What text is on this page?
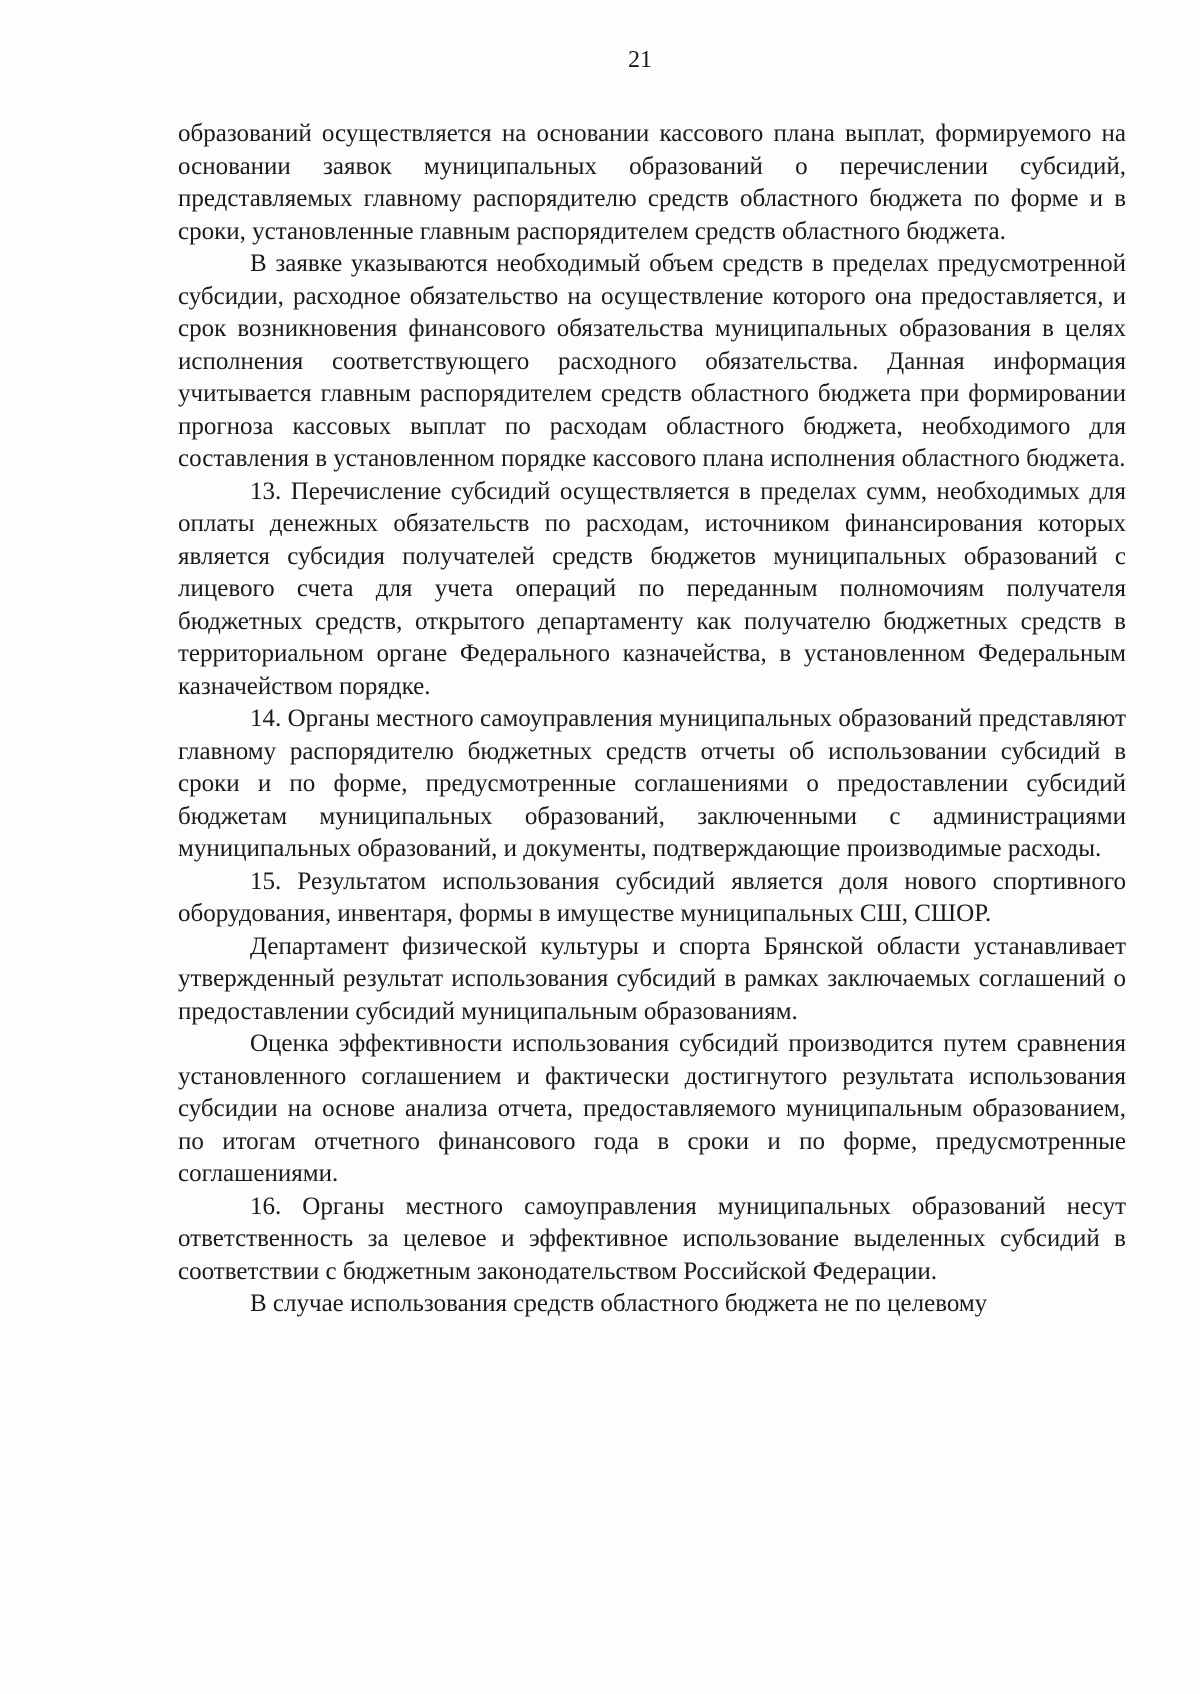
21

образований осуществляется на основании кассового плана выплат, формируемого на основании заявок муниципальных образований о перечислении субсидий, представляемых главному распорядителю средств областного бюджета по форме и в сроки, установленные главным распорядителем средств областного бюджета.

В заявке указываются необходимый объем средств в пределах предусмотренной субсидии, расходное обязательство на осуществление которого она предоставляется, и срок возникновения финансового обязательства муниципальных образования в целях исполнения соответствующего расходного обязательства. Данная информация учитывается главным распорядителем средств областного бюджета при формировании прогноза кассовых выплат по расходам областного бюджета, необходимого для составления в установленном порядке кассового плана исполнения областного бюджета.

13. Перечисление субсидий осуществляется в пределах сумм, необходимых для оплаты денежных обязательств по расходам, источником финансирования которых является субсидия получателей средств бюджетов муниципальных образований с лицевого счета для учета операций по переданным полномочиям получателя бюджетных средств, открытого департаменту как получателю бюджетных средств в территориальном органе Федерального казначейства, в установленном Федеральным казначейством порядке.

14. Органы местного самоуправления муниципальных образований представляют главному распорядителю бюджетных средств отчеты об использовании субсидий в сроки и по форме, предусмотренные соглашениями о предоставлении субсидий бюджетам муниципальных образований, заключенными с администрациями муниципальных образований, и документы, подтверждающие производимые расходы.

15. Результатом использования субсидий является доля нового спортивного оборудования, инвентаря, формы в имуществе муниципальных СШ, СШОР.

Департамент физической культуры и спорта Брянской области устанавливает утвержденный результат использования субсидий в рамках заключаемых соглашений о предоставлении субсидий муниципальным образованиям.

Оценка эффективности использования субсидий производится путем сравнения установленного соглашением и фактически достигнутого результата использования субсидии на основе анализа отчета, предоставляемого муниципальным образованием, по итогам отчетного финансового года в сроки и по форме, предусмотренные соглашениями.

16. Органы местного самоуправления муниципальных образований несут ответственность за целевое и эффективное использование выделенных субсидий в соответствии с бюджетным законодательством Российской Федерации.

В случае использования средств областного бюджета не по целевому
